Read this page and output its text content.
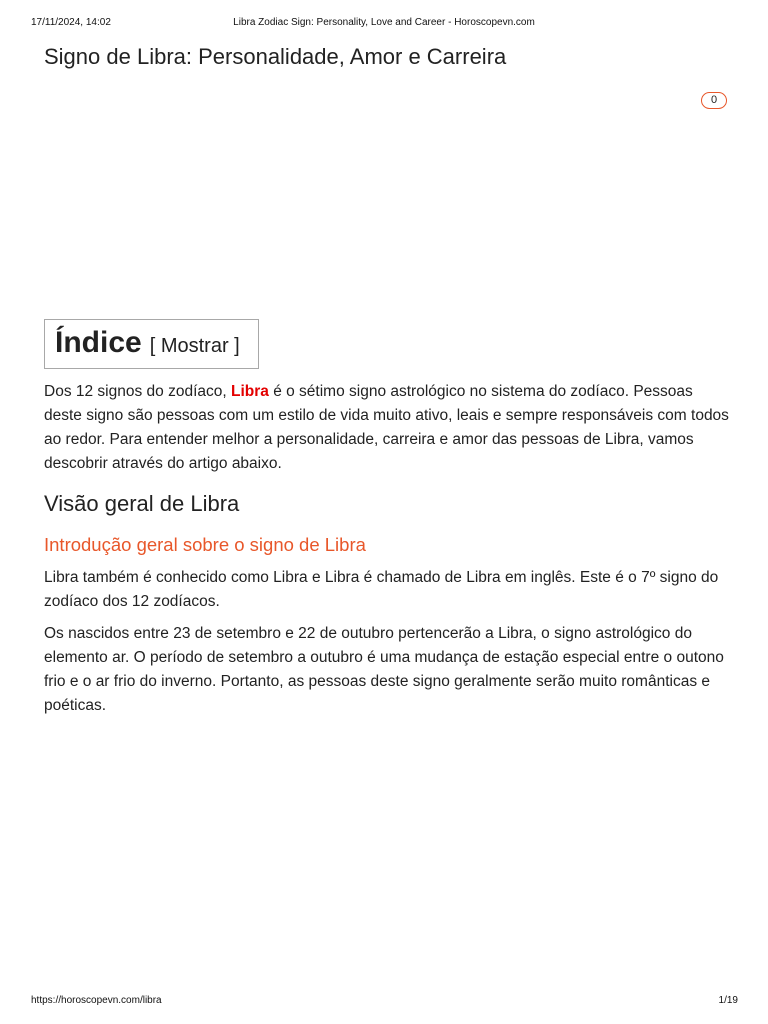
17/11/2024, 14:02	Libra Zodiac Sign: Personality, Love and Career - Horoscopevn.com
Signo de Libra: Personalidade, Amor e Carreira
0
Índice [ Mostrar ]

Dos 12 signos do zodíaco, Libra é o sétimo signo astrológico no sistema do zodíaco. Pessoas deste signo são pessoas com um estilo de vida muito ativo, leais e sempre responsáveis com todos ao redor. Para entender melhor a personalidade, carreira e amor das pessoas de Libra, vamos descobrir através do artigo abaixo.

Visão geral de Libra
Introdução geral sobre o signo de Libra

Libra também é conhecido como Libra e Libra é chamado de Libra em inglês. Este é o 7º signo do zodíaco dos 12 zodíacos.

Os nascidos entre 23 de setembro e 22 de outubro pertencerão a Libra, o signo astrológico do elemento ar. O período de setembro a outubro é uma mudança de estação especial entre o outono frio e o ar frio do inverno. Portanto, as pessoas deste signo geralmente serão muito românticas e poéticas.

https://horoscopevn.com/libra	1/19
